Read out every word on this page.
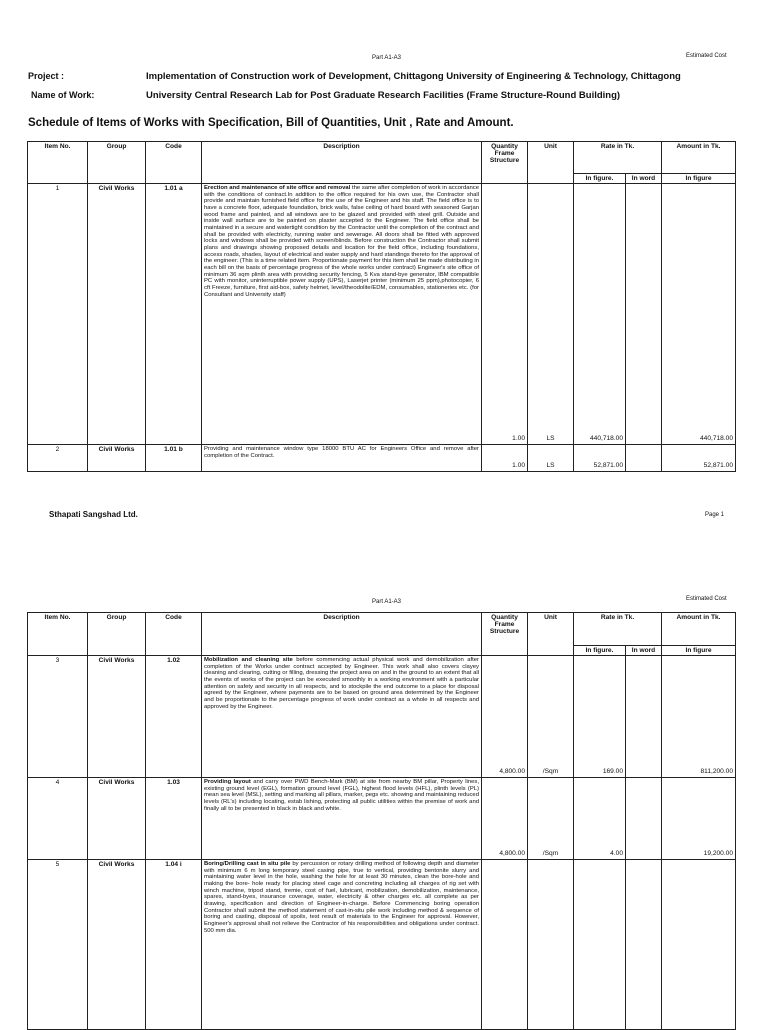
Part A1-A3	Estimated Cost
Project :	Implementation of Construction work of Development, Chittagong University of Engineering & Technology, Chittagong
Name of Work:	University Central Research Lab for Post Graduate Research Facilities (Frame Structure-Round Building)
Schedule of Items of Works with Specification, Bill of Quantities, Unit , Rate and Amount.
Item No.	Group	Code	Description	Quantity Frame Structure	Unit	Rate in Tk.		Amount in Tk.
						In figure.	In word	In figure
1	Civil Works	1.01 a	Erection and maintenance of site office and removal the same after completion of work in accordance with the conditions of contract.In addition to the office required for his own use, the Contractor shall provide and maintain furnished field office for the use of the Engineer and his staff. The field office is to have a concrete floor, adequate foundation, brick walls, false ceiling of hard board with seasoned Garjan wood frame and painted, and all windows are to be glazed and provided with steel grill. Outside and inside wall surface are to be painted on plaster accepted to the Engineer. The field office shall be maintained in a secure and watertight condition by the Contractor until the completion of the contract and shall be provided with electricity, running water and sewerage. All doors shall be fitted with approved locks and windows shall be provided with screen/blinds. Before construction the Contractor shall submit plans and drawings showing proposed details and location for the field office, including foundations, access roads, shades, layout of electrical and water supply and hard standings thereto for the approval of the engineer. (This is a time related item. Proportionate payment for this item shall be made distributing in each bill on the basis of percentage progress of the whole works under contract) Engineer's site office of minimum 36 sqm plinth area with providing security fencing, 5 Kva stand-bye generator, IBM compatible PC with monitor, uninterruptible power supply (UPS), Laserjet printer (minimum 25 ppm),photocopier, 6 cft Freeze, furniture, first aid-box, safety helmet, level/theodolite/EDM, consumables, stationeries etc. (for Consultant and University staff)	1.00	LS	440,718.00		440,718.00
2	Civil Works	1.01 b	Providing and maintenance window type 18000 BTU AC for Engineers Office and remove after completion of the Contract.	1.00	LS	52,871.00		52,871.00
Sthapati Sangshad Ltd.	Page 1
Part A1-A3	Estimated Cost
Item No.	Group	Code	Description	Quantity Frame Structure	Unit	Rate in Tk.		Amount in Tk.
						In figure.	In word	In figure
3	Civil Works	1.02	Mobilization and cleaning site before commencing actual physical work and demobilization after completion of the Works under contract accepted by Engineer. This work shall also covers clayey cleaning and clearing, cutting or filling, dressing the project area on and in the ground to an extent that all the events of works of the project can be executed smoothly in a working environment with a particular attention on safety and security in all respects, and to stockpile the end outcome to a place for disposal agreed by the Engineer, where payments are to be based on ground area determined by the Engineer and be proportionate to the percentage progress of work under contract as a whole in all respects and approved by the Engineer.	4,800.00	/Sqm	169.00		811,200.00
4	Civil Works	1.03	Providing layout and carry over PWD Bench-Mark (BM) at site from nearby BM pillar, Property lines, existing ground level (EGL), formation ground level (FGL), highest flood levels (HFL), plinth levels (PL) mean sea level (MSL), setting and marking all pillars, marker, pegs etc. showing and maintaining reduced levels (RL's) including locating, estab lishing, protecting all public utilities within the premise of work and finally all to be presented in black in black and white.	4,800.00	/Sqm	4.00		19,200.00
5	Civil Works	1.04 i	Boring/Drilling cast in situ pile by percussion or rotary drilling method of following depth and diameter with minimum 6 m long temporary steel casing pipe, true to vertical, providing bentonite slurry and maintaining water level in the hole, washing the hole for at least 30 minutes, clean the bore-hole and making the bore- hole ready for placing steel cage and concreting including all charges of rig set with winch machine, tripod stand, tremie, cost of fuel, lubricant, mobilization, demobilization, maintenance, spares, stand-byes, insurance coverage, water, electricity & other charges etc. all complete as per drawing, specification and direction of Engineer-in-charge. Before Commencing boring operation Contractor shall submit the method statement of cast-in-situ pile work including method & sequence of boring and casting, disposal of spoils, test result of materials to the Engineer for approval. However, Engineer's approval shall not relieve the Contractor of his responsibilities and obligations under contract. 500 mm dia.					
